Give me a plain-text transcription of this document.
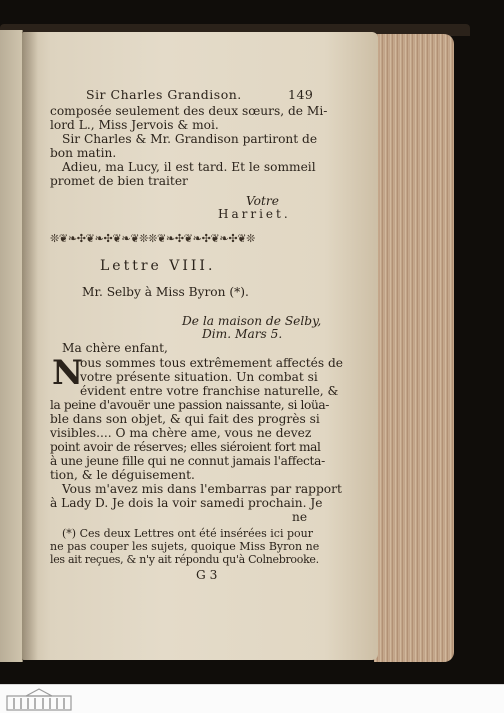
Sir Charles Grandison.	149
composée seulement des deux sœurs, de Mi-
lord L., Miss Jervois & moi.
Sir Charles & Mr. Grandison partiront de
bon matin.
Adieu, ma Lucy, il est tard. Et le sommeil
promet de bien traiter
Votre
Harriet.
❊❦❧✣❦❧✣❦❧❦❊❊❦❧✣❦❧✣❦❧✣❦❊
Lettre VIII.
Mr. Selby à Miss Byron (*).
De la maison de Selby,
Dim. Mars 5.
Ma chère enfant,
N
ous sommes tous extrêmement affectés de
votre présente situation. Un combat si
évident entre votre franchise naturelle, &
la peine d'avouër une passion naissante, si loüa-
ble dans son objet, & qui fait des progrès si
visibles.... O ma chère ame, vous ne devez
point avoir de réserves; elles siéroient fort mal
à une jeune fille qui ne connut jamais l'affecta-
tion, & le déguisement.
Vous m'avez mis dans l'embarras par rapport
à Lady D. Je dois la voir samedi prochain. Je
ne
(*) Ces deux Lettres ont été insérées ici pour
ne pas couper les sujets, quoique Miss Byron ne
les ait reçues, & n'y ait répondu qu'à Colnebrooke.
G 3
